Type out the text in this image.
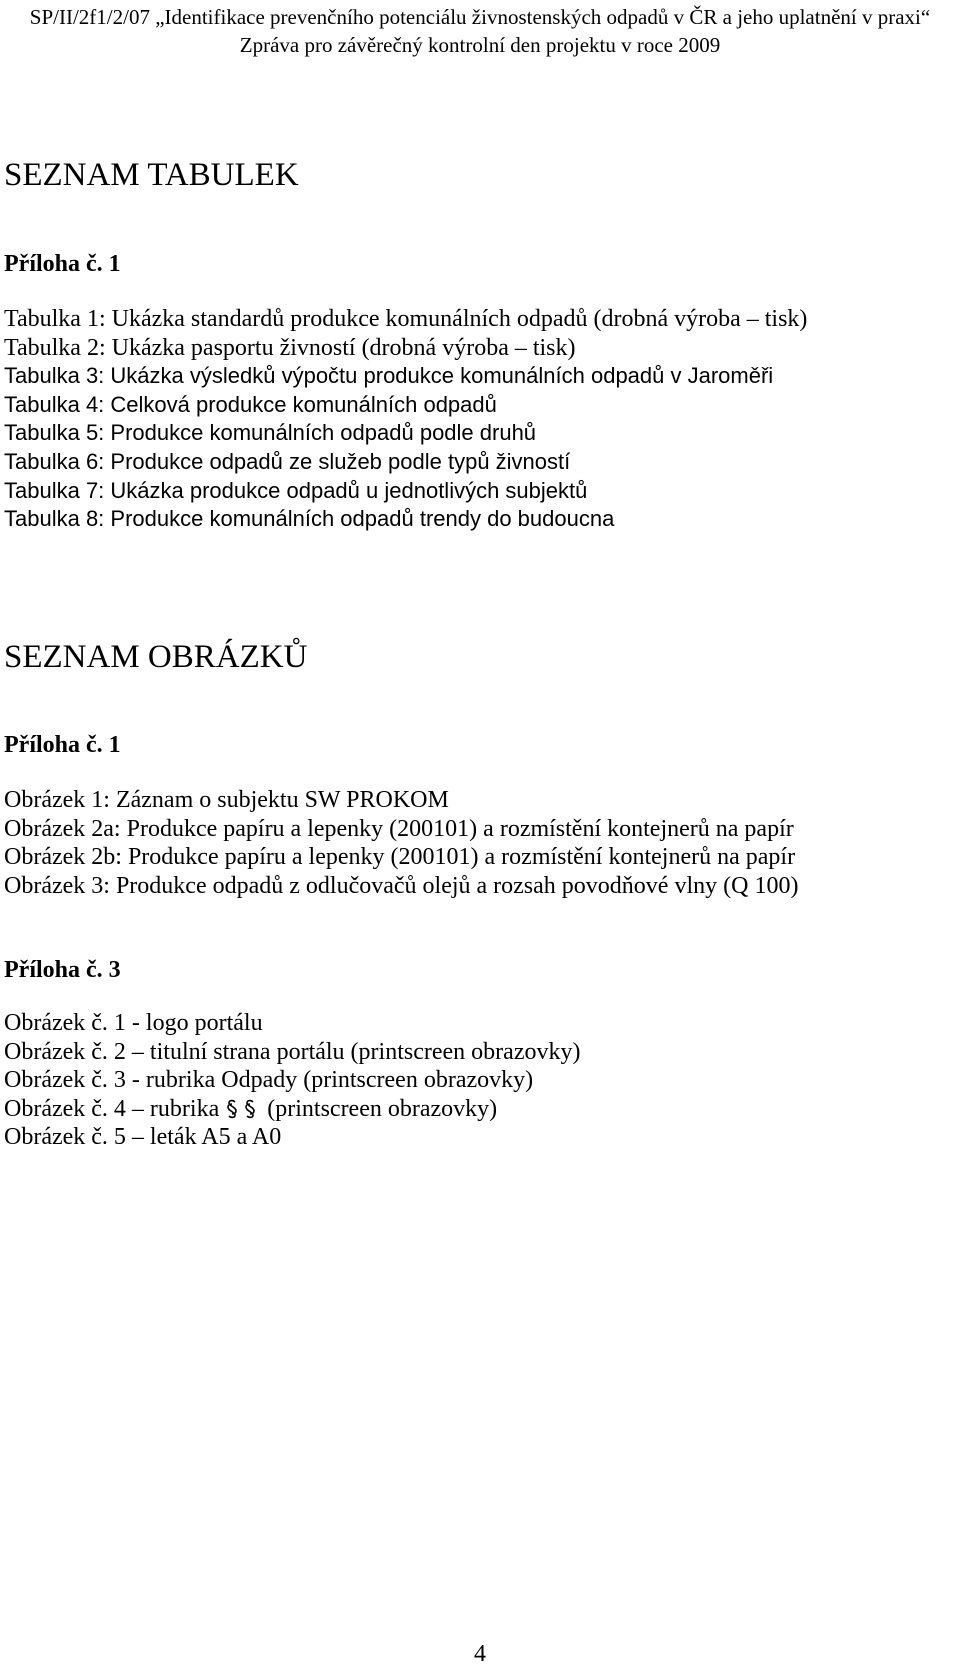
SP/II/2f1/2/07 „Identifikace prevenčního potenciálu živnostenských odpadů v ČR a jeho uplatnění v praxi“
Zpráva pro závěrečný kontrolní den projektu v roce 2009
SEZNAM TABULEK
Příloha č. 1
Tabulka 1: Ukázka standardů produkce komunálních odpadů (drobná výroba – tisk)
Tabulka 2: Ukázka pasportu živností (drobná výroba – tisk)
Tabulka 3: Ukázka výsledků výpočtu produkce komunálních odpadů v Jaroměři
Tabulka 4: Celková produkce komunálních odpadů
Tabulka 5: Produkce komunálních odpadů podle druhů
Tabulka 6: Produkce odpadů ze služeb podle typů živností
Tabulka 7: Ukázka produkce odpadů u jednotlivých subjektů
Tabulka 8: Produkce komunálních odpadů trendy do budoucna
SEZNAM OBRÁZKŮ
Příloha č. 1
Obrázek 1: Záznam o subjektu SW PROKOM
Obrázek 2a: Produkce papíru a lepenky (200101) a rozmístění kontejnerů na papír
Obrázek 2b: Produkce papíru a lepenky (200101) a rozmístění kontejnerů na papír
Obrázek 3: Produkce odpadů z odlučovačů olejů a rozsah povodňové vlny (Q 100)
Příloha č. 3
Obrázek č. 1 - logo portálu
Obrázek č. 2 – titulní strana portálu (printscreen obrazovky)
Obrázek č. 3 - rubrika Odpady (printscreen obrazovky)
Obrázek č. 4 – rubrika (printscreen obrazovky)
Obrázek č. 5 – leták A5 a A0
4
